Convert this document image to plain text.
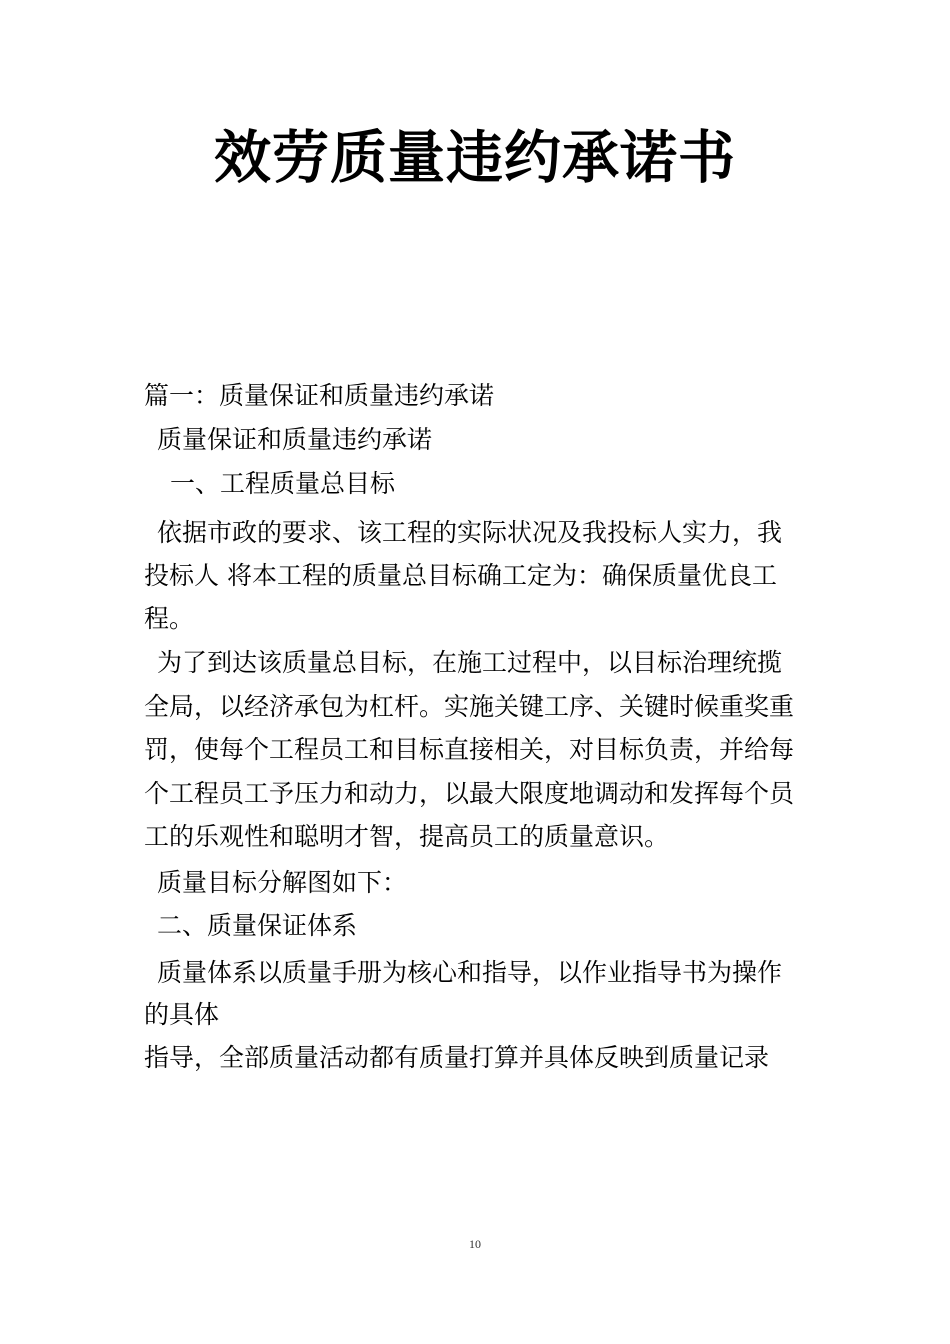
效劳质量违约承诺书
篇一：质量保证和质量违约承诺
质量保证和质量违约承诺
一、工程质量总目标
依据市政的要求、该工程的实际状况及我投标人实力，我
投标人 将本工程的质量总目标确工定为：确保质量优良工
程。
为了到达该质量总目标，在施工过程中，以目标治理统揽
全局，以经济承包为杠杆。实施关键工序、关键时候重奖重
罚，使每个工程员工和目标直接相关，对目标负责，并给每
个工程员工予压力和动力，以最大限度地调动和发挥每个员
工的乐观性和聪明才智，提高员工的质量意识。
质量目标分解图如下：
二、质量保证体系
质量体系以质量手册为核心和指导，以作业指导书为操作
的具体
指导，全部质量活动都有质量打算并具体反映到质量记录
10
